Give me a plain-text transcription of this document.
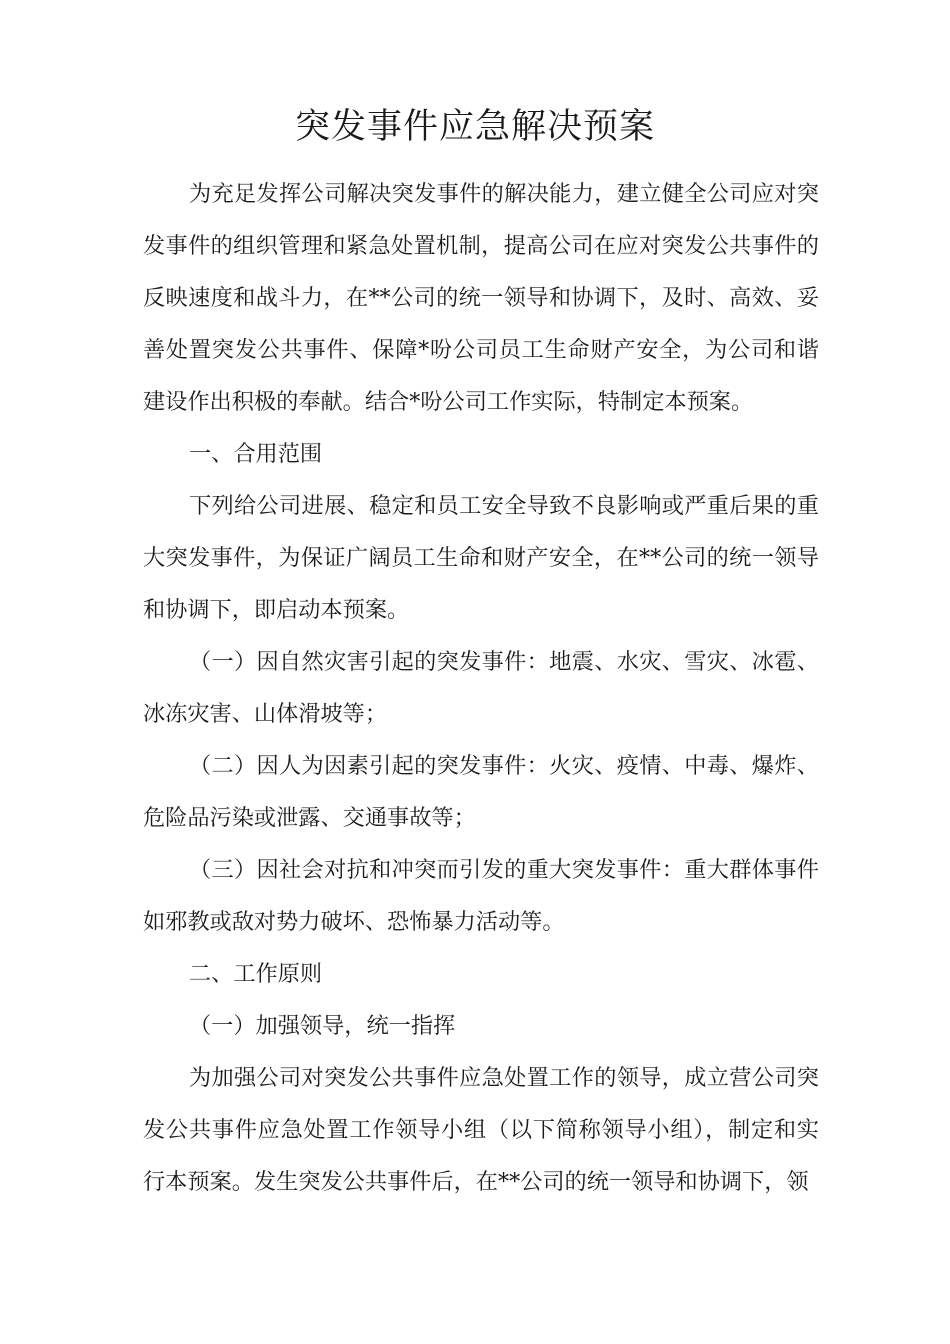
突发事件应急解决预案

为充足发挥公司解决突发事件的解决能力，建立健全公司应对突发事件的组织管理和紧急处置机制，提高公司在应对突发公共事件的反映速度和战斗力，在**公司的统一领导和协调下，及时、高效、妥善处置突发公共事件、保障*吩公司员工生命财产安全，为公司和谐建设作出积极的奉献。结合*吩公司工作实际，特制定本预案。

一、合用范围

下列给公司进展、稳定和员工安全导致不良影响或严重后果的重大突发事件，为保证广阔员工生命和财产安全，在**公司的统一领导和协调下，即启动本预案。

（一）因自然灾害引起的突发事件：地震、水灾、雪灾、冰雹、冰冻灾害、山体滑坡等；

（二）因人为因素引起的突发事件：火灾、疫情、中毒、爆炸、危险品污染或泄露、交通事故等；

（三）因社会对抗和冲突而引发的重大突发事件：重大群体事件如邪教或敌对势力破坏、恐怖暴力活动等。

二、工作原则

（一）加强领导，统一指挥

为加强公司对突发公共事件应急处置工作的领导，成立营公司突发公共事件应急处置工作领导小组（以下简称领导小组），制定和实行本预案。发生突发公共事件后，在**公司的统一领导和协调下，领
